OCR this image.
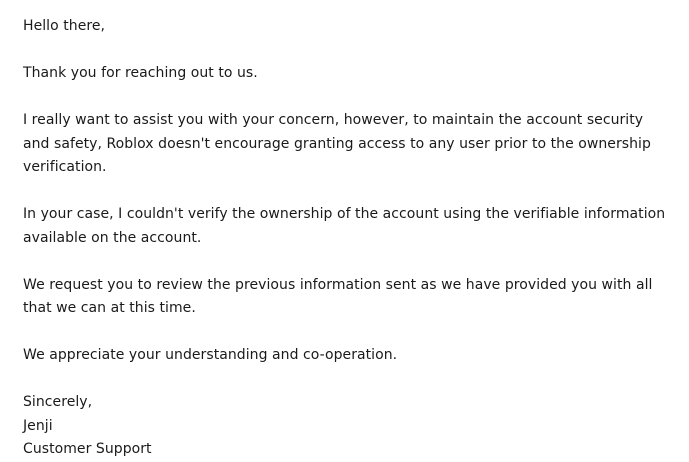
Hello there,

Thank you for reaching out to us.

I really want to assist you with your concern, however, to maintain the account security and safety, Roblox doesn't encourage granting access to any user prior to the ownership verification.

In your case, I couldn't verify the ownership of the account using the verifiable information available on the account.

We request you to review the previous information sent as we have provided you with all that we can at this time.

We appreciate your understanding and co-operation.

Sincerely,
Jenji
Customer Support
